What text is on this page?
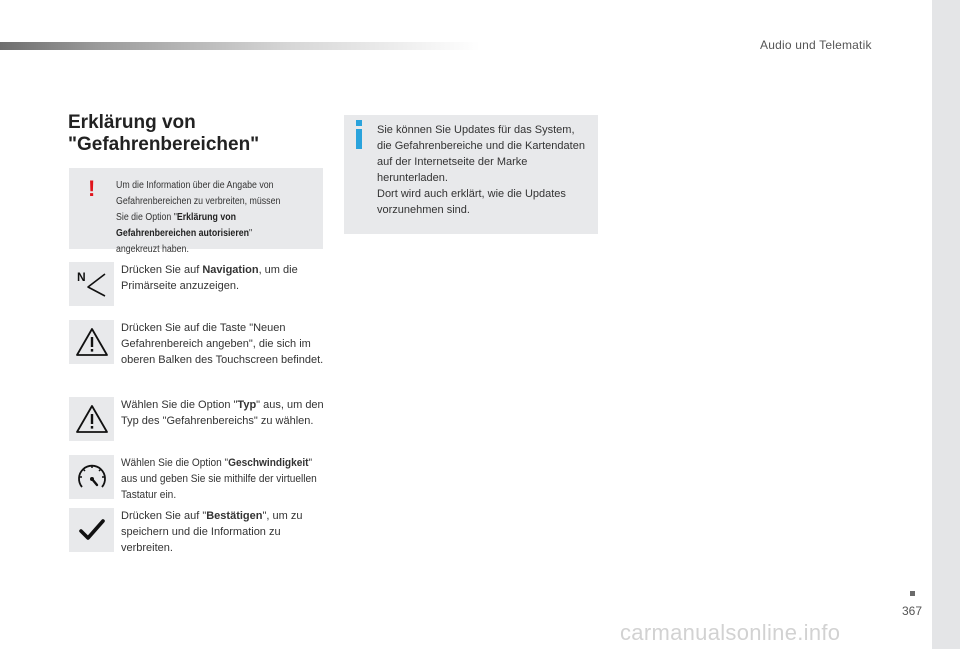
Audio und Telematik
Erklärung von
"Gefahrenbereichen"
! Um die Information über die Angabe von Gefahrenbereichen zu verbreiten, müssen Sie die Option "Erklärung von Gefahrenbereichen autorisieren" angekreuzt haben.
Sie können Sie Updates für das System, die Gefahrenbereiche und die Kartendaten auf der Internetseite der Marke herunterladen.
Dort wird auch erklärt, wie die Updates vorzunehmen sind.
N	Drücken Sie auf Navigation, um die Primärseite anzuzeigen.
Drücken Sie auf die Taste "Neuen Gefahrenbereich angeben", die sich im oberen Balken des Touchscreen befindet.
Wählen Sie die Option "Typ" aus, um den Typ des "Gefahrenbereichs" zu wählen.
Wählen Sie die Option "Geschwindigkeit" aus und geben Sie sie mithilfe der virtuellen Tastatur ein.
Drücken Sie auf "Bestätigen", um zu speichern und die Information zu verbreiten.
367
carmanualsonline.info
